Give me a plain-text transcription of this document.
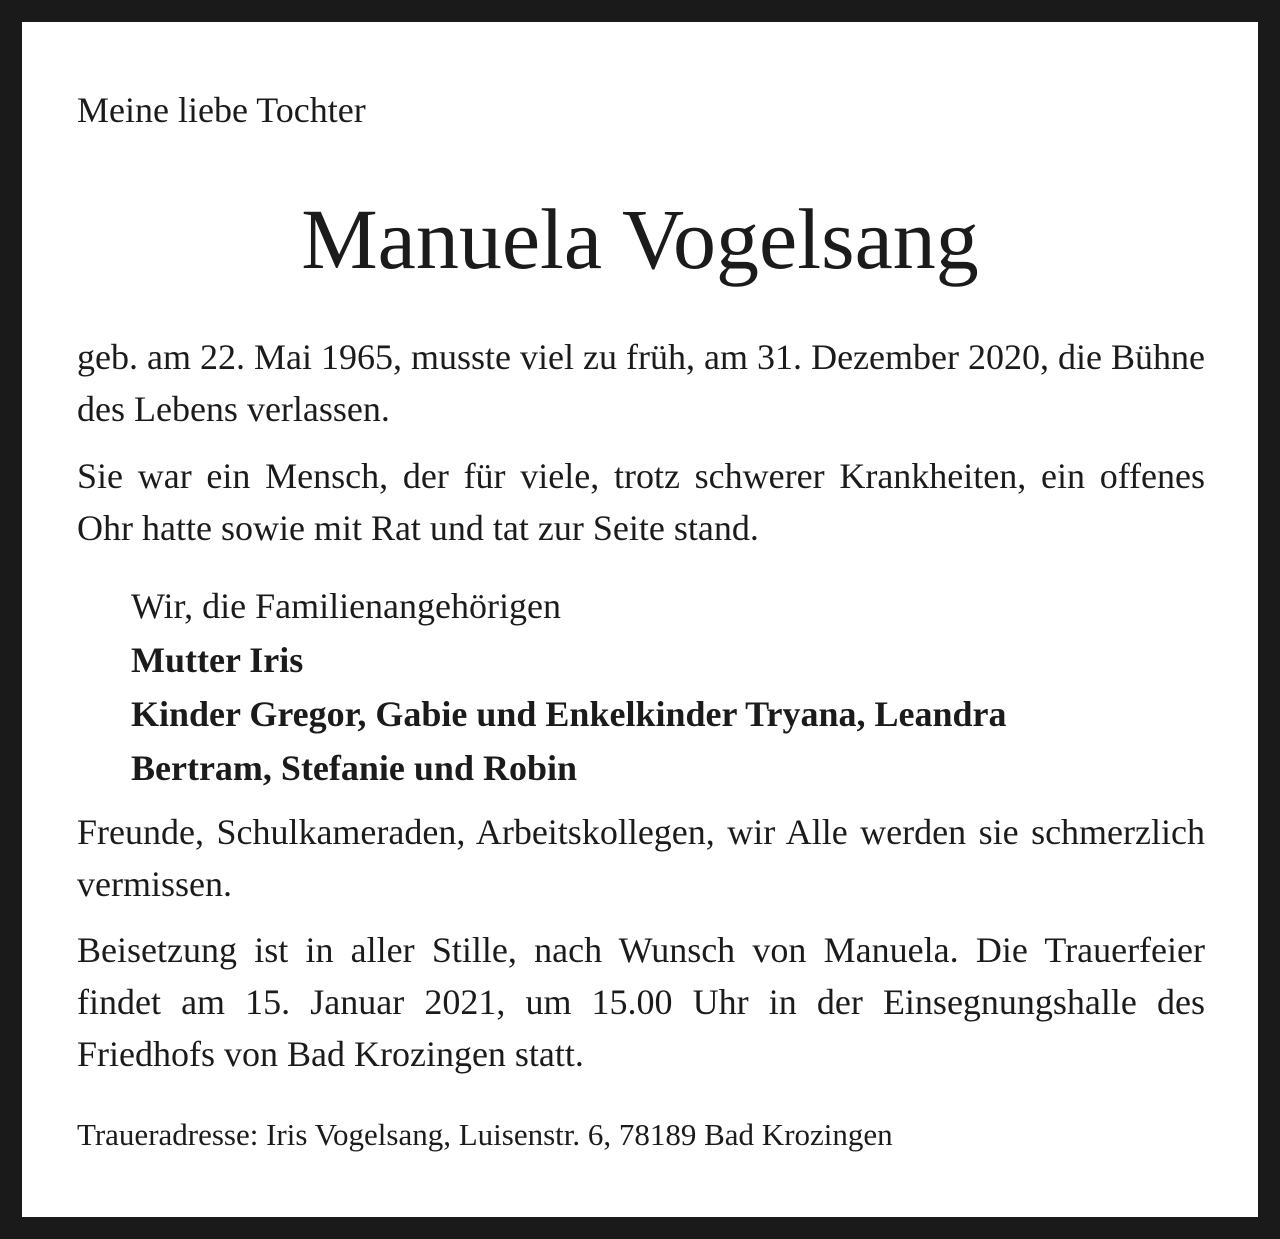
Meine liebe Tochter
Manuela Vogelsang
geb. am 22. Mai 1965, musste viel zu früh, am 31. Dezember 2020, die Bühne des Lebens verlassen.
Sie war ein Mensch, der für viele, trotz schwerer Krankheiten, ein offenes Ohr hatte sowie mit Rat und tat zur Seite stand.
Wir, die Familienangehörigen
Mutter Iris
Kinder Gregor, Gabie und Enkelkinder Tryana, Leandra
Bertram, Stefanie und Robin
Freunde, Schulkameraden, Arbeitskollegen, wir Alle werden sie schmerzlich vermissen.
Beisetzung ist in aller Stille, nach Wunsch von Manuela. Die Trauerfeier findet am 15. Januar 2021, um 15.00 Uhr in der Einsegnungshalle des Friedhofs von Bad Krozingen statt.
Traueradresse: Iris Vogelsang, Luisenstr. 6, 78189 Bad Krozingen
